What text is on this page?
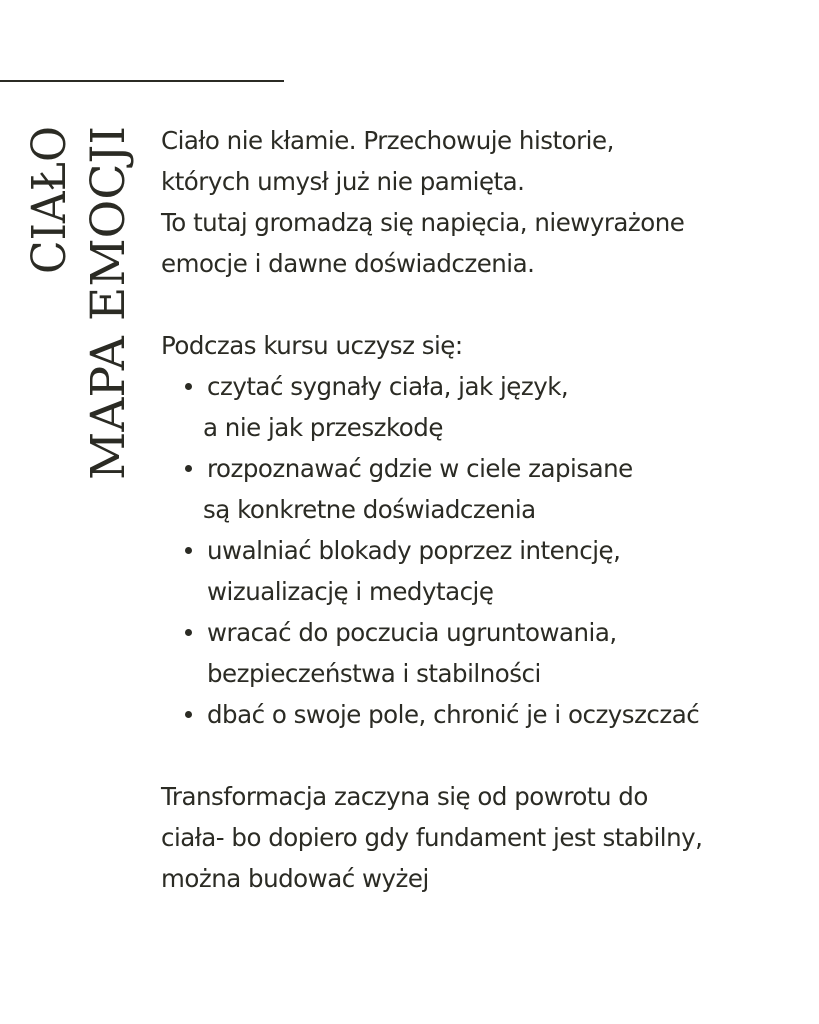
CIAŁO MAPA EMOCJI Ciało nie kłamie. Przechowuje historie,
których umysł już nie pamięta.
To tutaj gromadzą się napięcia, niewyrażone
emocje i dawne doświadczenia.
Podczas kursu uczysz się:
czytać sygnały ciała, jak język,
a nie jak przeszkodę
rozpoznawać gdzie w ciele zapisane
są konkretne doświadczenia
uwalniać blokady poprzez intencję,
wizualizację i medytację
wracać do poczucia ugruntowania,
bezpieczeństwa i stabilności
dbać o swoje pole, chronić je i oczyszczać
Transformacja zaczyna się od powrotu do
ciała- bo dopiero gdy fundament jest stabilny,
można budować wyżej
